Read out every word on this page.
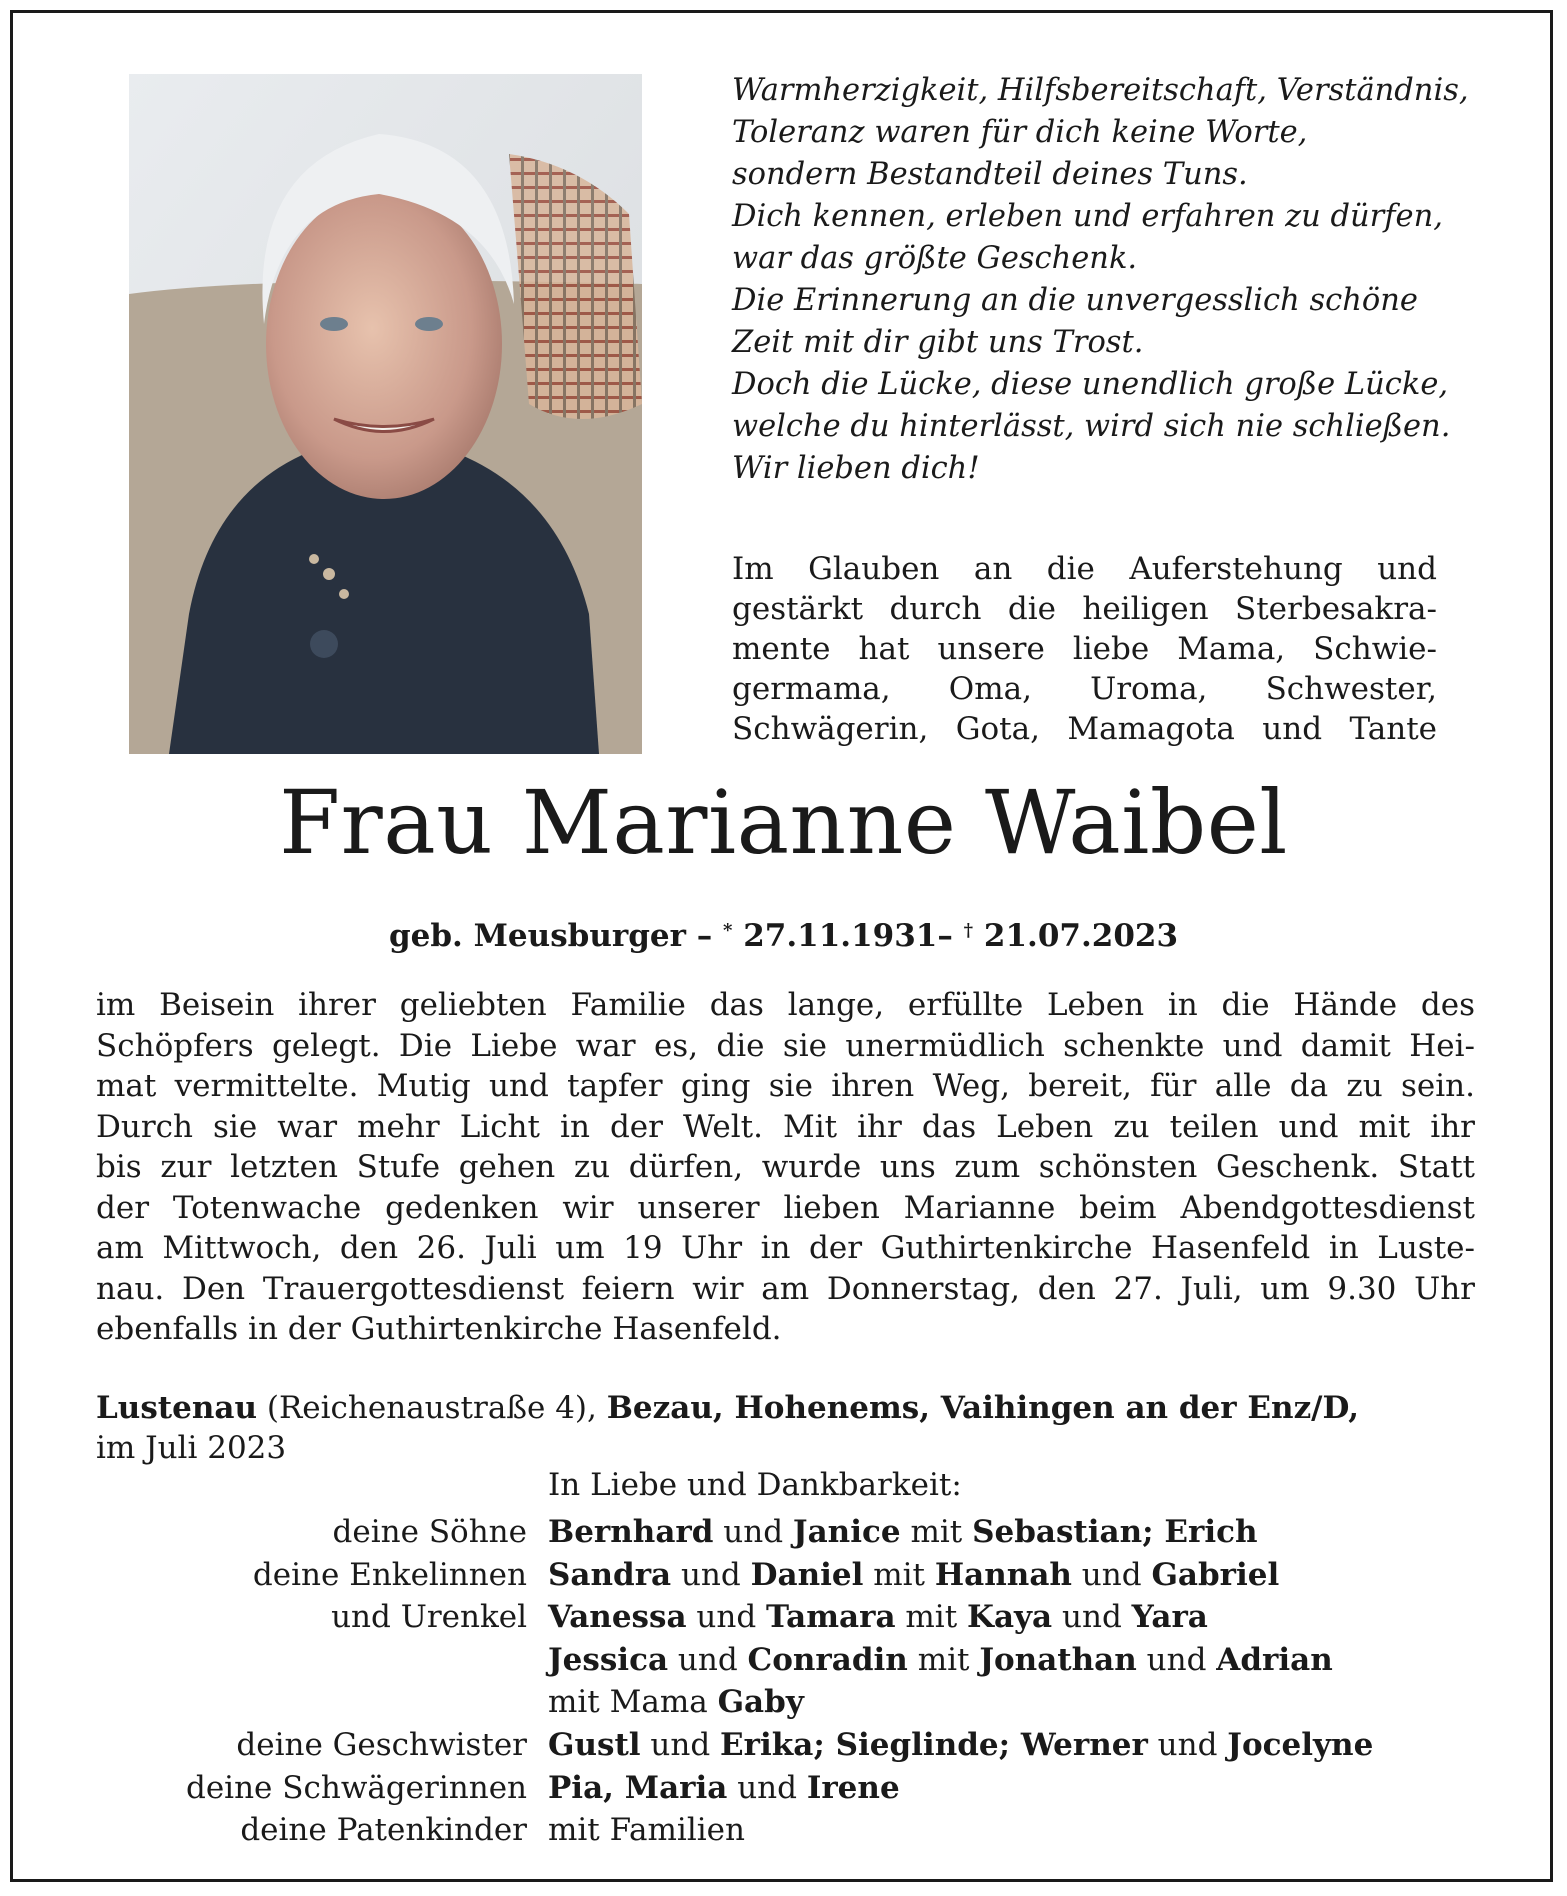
Warmherzigkeit, Hilfsbereitschaft, Verständnis,
Toleranz waren für dich keine Worte,
sondern Bestandteil deines Tuns.
Dich kennen, erleben und erfahren zu dürfen,
war das größte Geschenk.
Die Erinnerung an die unvergesslich schöne
Zeit mit dir gibt uns Trost.
Doch die Lücke, diese unendlich große Lücke,
welche du hinterlässt, wird sich nie schließen.
Wir lieben dich!
Im Glauben an die Auferstehung und
gestärkt durch die heiligen Sterbesakra-
mente hat unsere liebe Mama, Schwie-
germama, Oma, Uroma, Schwester,
Schwägerin, Gota, Mamagota und Tante
Frau Marianne Waibel
geb. Meusburger – * 27.11.1931– † 21.07.2023
im Beisein ihrer geliebten Familie das lange, erfüllte Leben in die Hände des
Schöpfers gelegt. Die Liebe war es, die sie unermüdlich schenkte und damit Hei-
mat vermittelte. Mutig und tapfer ging sie ihren Weg, bereit, für alle da zu sein.
Durch sie war mehr Licht in der Welt. Mit ihr das Leben zu teilen und mit ihr
bis zur letzten Stufe gehen zu dürfen, wurde uns zum schönsten Geschenk. Statt
der Totenwache gedenken wir unserer lieben Marianne beim Abendgottesdienst
am Mittwoch, den 26. Juli um 19 Uhr in der Guthirtenkirche Hasenfeld in Luste-
nau. Den Trauergottesdienst feiern wir am Donnerstag, den 27. Juli, um 9.30 Uhr
ebenfalls in der Guthirtenkirche Hasenfeld.
Lustenau (Reichenaustraße 4), Bezau, Hohenems, Vaihingen an der Enz/D,
im Juli 2023
In Liebe und Dankbarkeit:
deine Söhne Bernhard und Janice mit Sebastian; Erich
deine Enkelinnen Sandra und Daniel mit Hannah und Gabriel
und Urenkel Vanessa und Tamara mit Kaya und Yara
Jessica und Conradin mit Jonathan und Adrian
mit Mama Gaby
deine Geschwister Gustl und Erika; Sieglinde; Werner und Jocelyne
deine Schwägerinnen Pia, Maria und Irene
deine Patenkinder mit Familien
